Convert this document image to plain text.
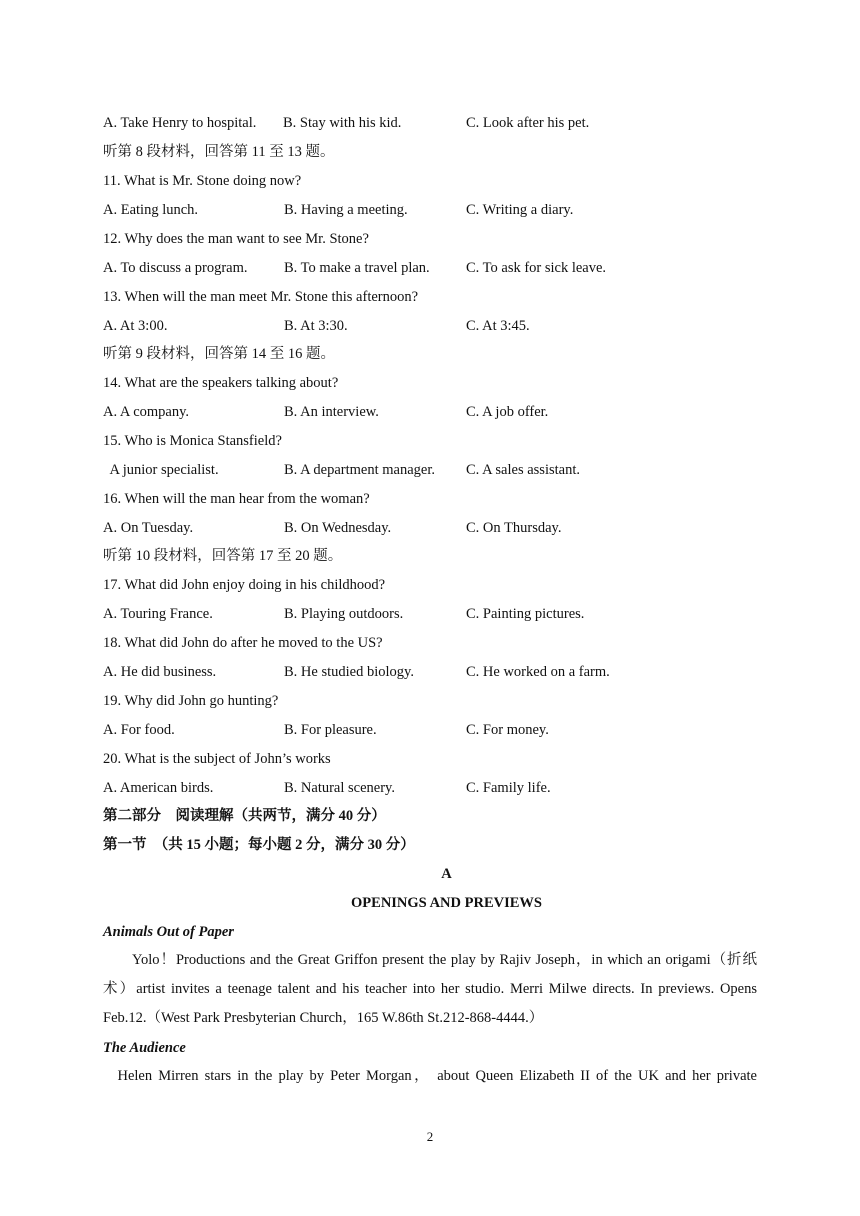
A. Take Henry to hospital. B. Stay with his kid.	C. Look after his pet.
听第 8 段材料，回答第 11 至 13 题。
11. What is Mr. Stone doing now?
A. Eating lunch.	B. Having a meeting.	C. Writing a diary.
12. Why does the man want to see Mr. Stone?
A. To discuss a program.	B. To make a travel plan.	C. To ask for sick leave.
13. When will the man meet Mr. Stone this afternoon?
A. At 3:00.	B. At 3:30.	C. At 3:45.
听第 9 段材料，回答第 14 至 16 题。
14. What are the speakers talking about?
A. A company.	B. An interview.	C. A job offer.
15. Who is Monica Stansfield?
A junior specialist.	B. A department manager. C. A sales assistant.
16. When will the man hear from the woman?
A. On Tuesday.	B. On Wednesday.	C. On Thursday.
听第 10 段材料，回答第 17 至 20 题。
17. What did John enjoy doing in his childhood?
A. Touring France.	B. Playing outdoors.	C. Painting pictures.
18. What did John do after he moved to the US?
A. He did business.	B. He studied biology.	C. He worked on a farm.
19. Why did John go hunting?
A. For food.	B. For pleasure.	C. For money.
20. What is the subject of John’s works
A. American birds.	B. Natural scenery.	C. Family life.
第二部分　阅读理解（共两节，满分 40 分）
第一节　（共 15 小题；每小题 2 分，满分 30 分）
A
OPENINGS AND PREVIEWS
Animals Out of Paper
Yolo！Productions and the Great Griffon present the play by Rajiv Joseph，in which an origami（折纸术）artist invites a teenage talent and his teacher into her studio. Merri Milwe directs. In previews. Opens Feb.12.（West Park Presbyterian Church，165 W.86th St.212-868-4444.）
The Audience
Helen Mirren stars in the play by Peter Morgan， about Queen Elizabeth II of the UK and her private
2
